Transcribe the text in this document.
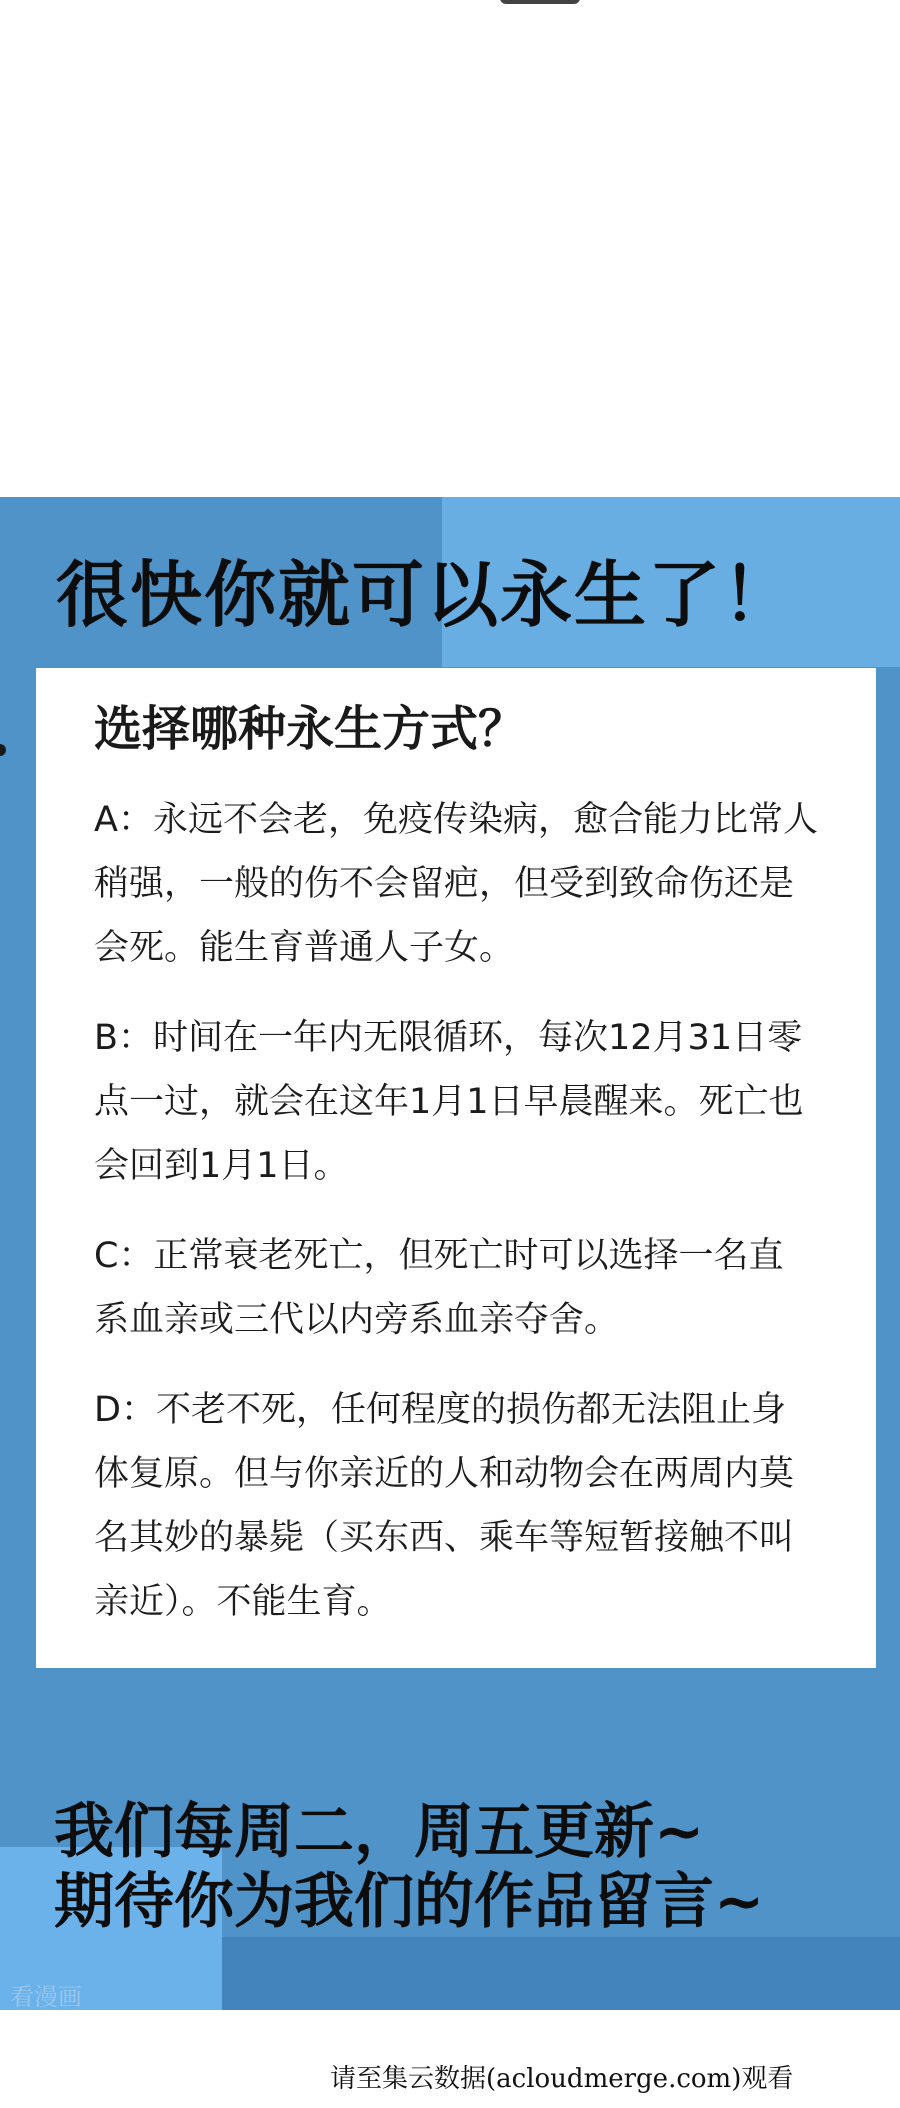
很快你就可以永生了！
选择哪种永生方式？

A：永远不会老，免疫传染病，愈合能力比常人稍强，一般的伤不会留疤，但受到致命伤还是会死。能生育普通人子女。

B：时间在一年内无限循环，每次12月31日零点一过，就会在这年1月1日早晨醒来。死亡也会回到1月1日。

C：正常衰老死亡，但死亡时可以选择一名直系血亲或三代以内旁系血亲夺舍。

D：不老不死，任何程度的损伤都无法阻止身体复原。但与你亲近的人和动物会在两周内莫名其妙的暴毙（买东西、乘车等短暂接触不叫亲近）。不能生育。

我们每周二，周五更新~
期待你为我们的作品留言~

看漫画
请至集云数据(acloudmerge.com)观看
